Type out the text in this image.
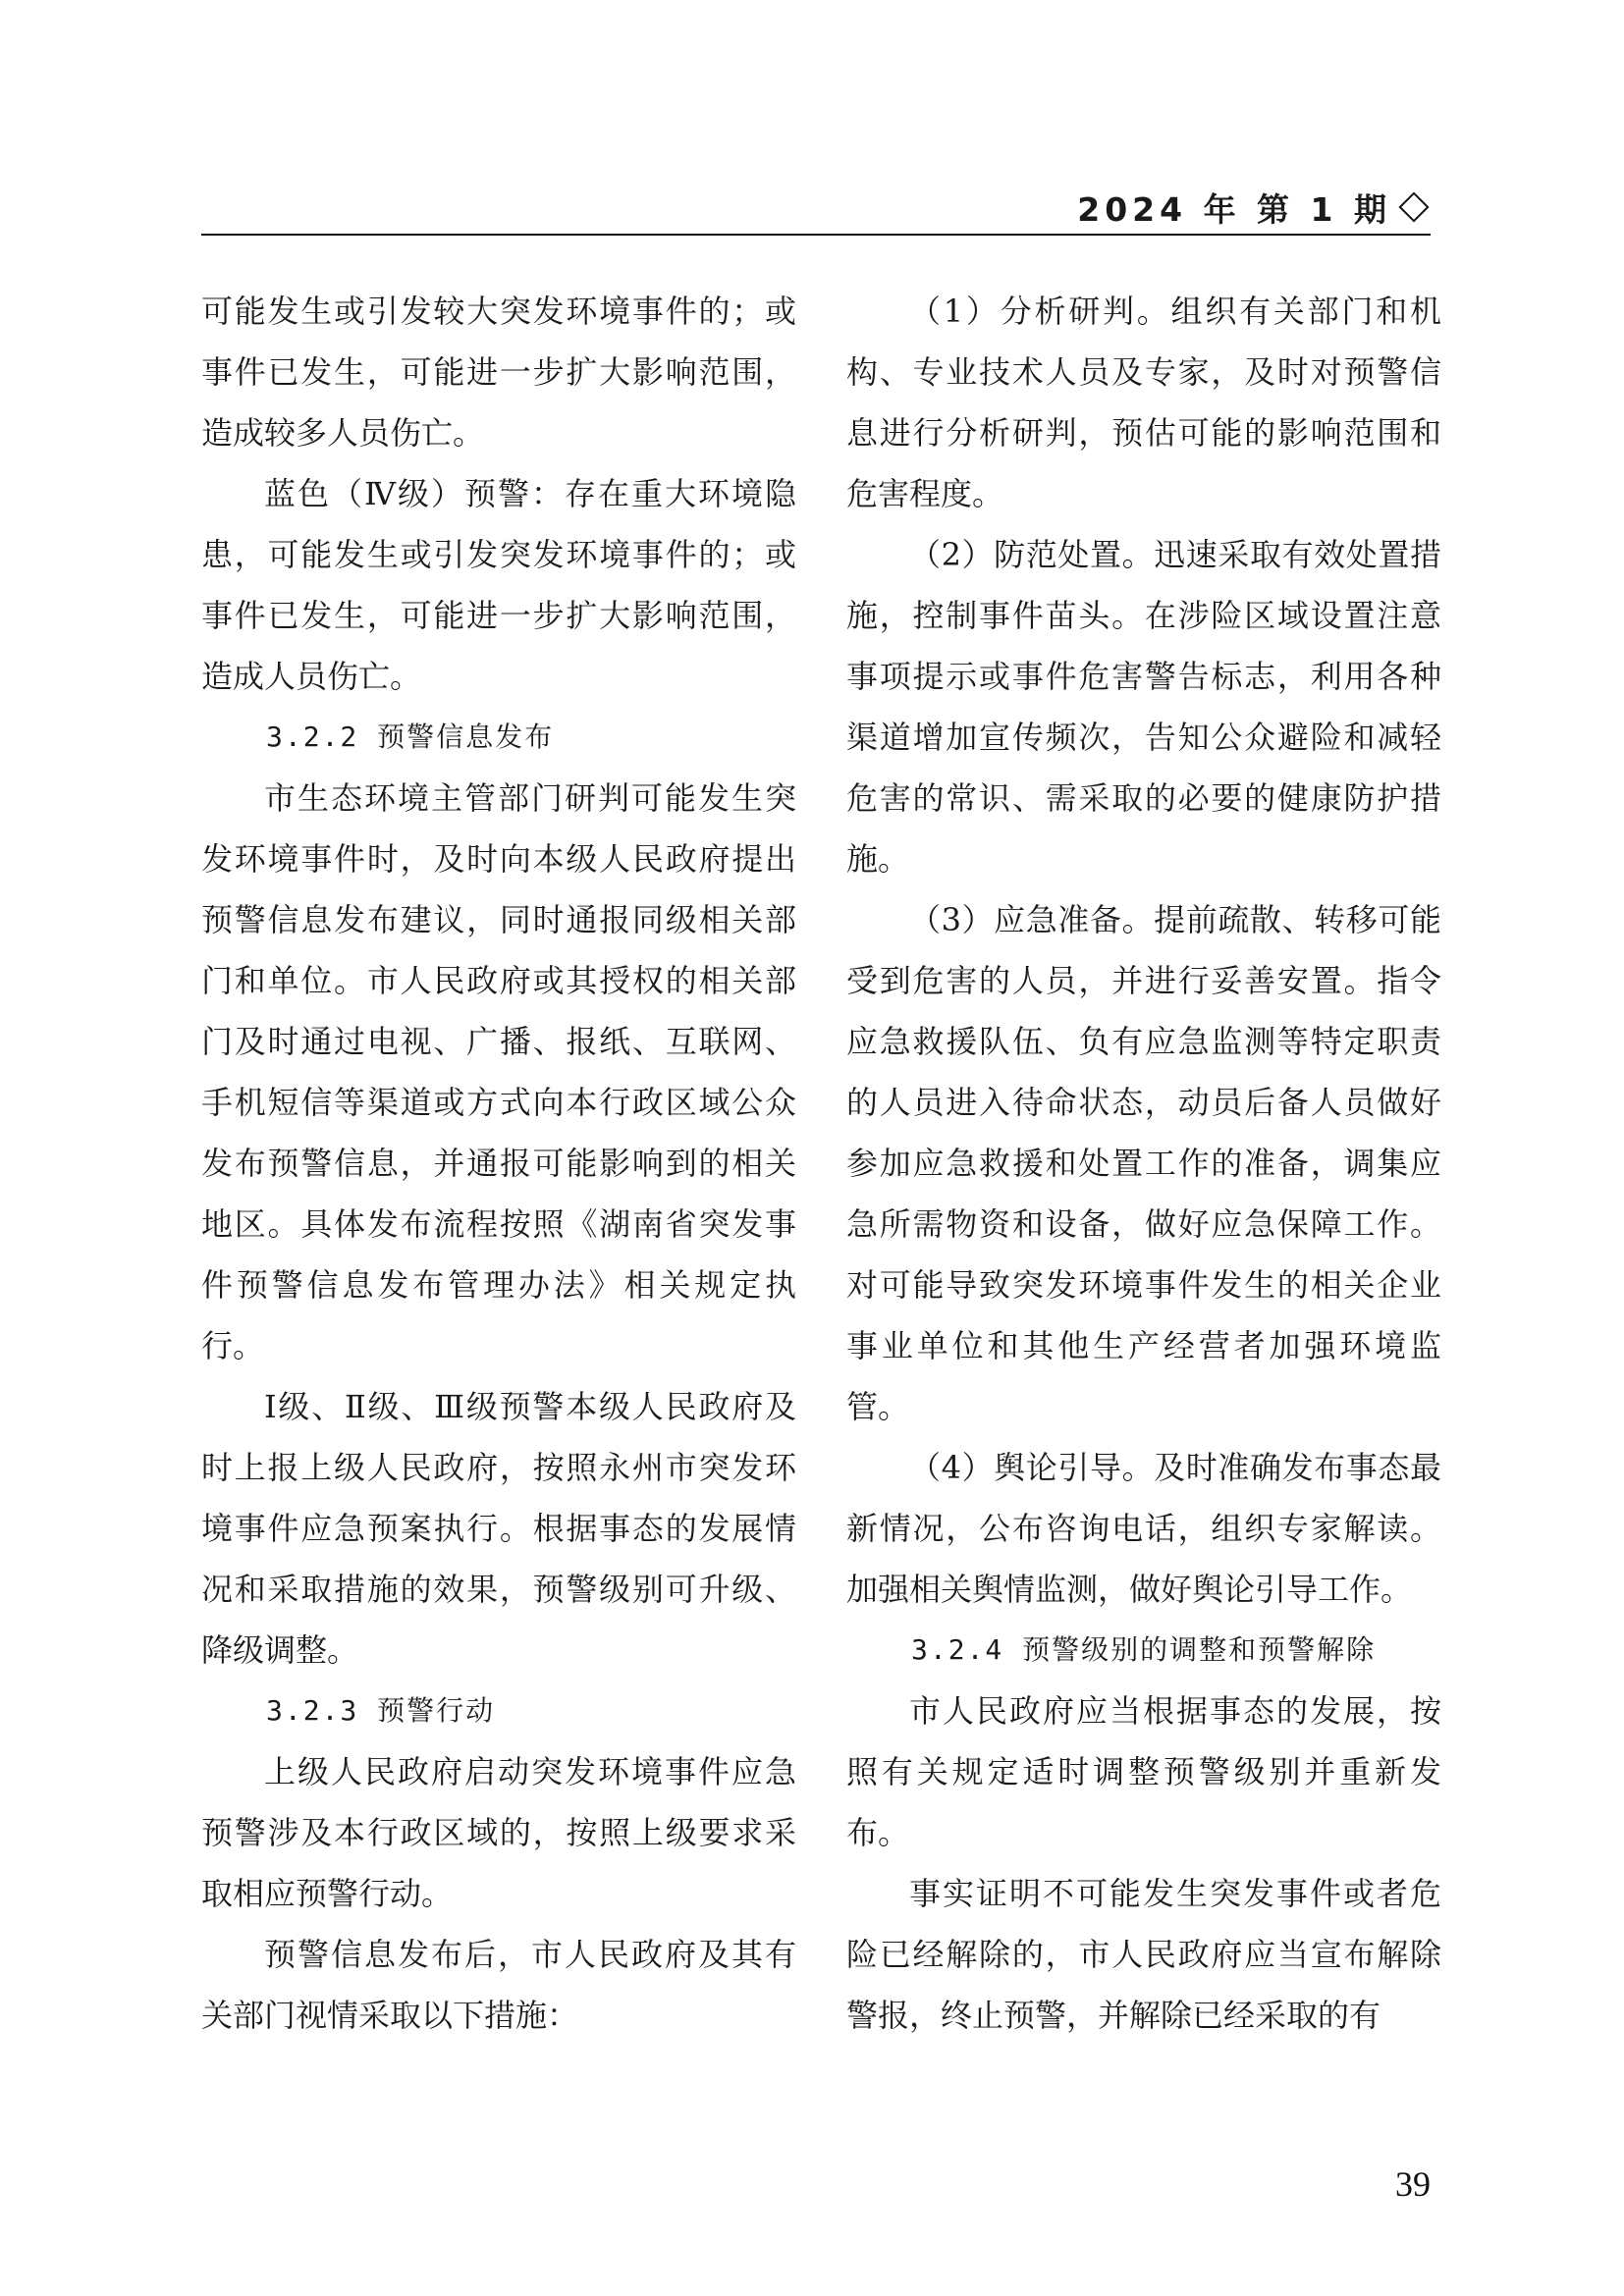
2024 年 第 1 期

可能发生或引发较大突发环境事件的；或事件已发生，可能进一步扩大影响范围，造成较多人员伤亡。

蓝色（Ⅳ级）预警：存在重大环境隐患，可能发生或引发突发环境事件的；或事件已发生，可能进一步扩大影响范围，造成人员伤亡。

3.2.2 预警信息发布

市生态环境主管部门研判可能发生突发环境事件时，及时向本级人民政府提出预警信息发布建议，同时通报同级相关部门和单位。市人民政府或其授权的相关部门及时通过电视、广播、报纸、互联网、手机短信等渠道或方式向本行政区域公众发布预警信息，并通报可能影响到的相关地区。具体发布流程按照《湖南省突发事件预警信息发布管理办法》相关规定执行。

Ⅰ级、Ⅱ级、Ⅲ级预警本级人民政府及时上报上级人民政府，按照永州市突发环境事件应急预案执行。根据事态的发展情况和采取措施的效果，预警级别可升级、降级调整。

3.2.3 预警行动

上级人民政府启动突发环境事件应急预警涉及本行政区域的，按照上级要求采取相应预警行动。

预警信息发布后，市人民政府及其有关部门视情采取以下措施：

（1）分析研判。组织有关部门和机构、专业技术人员及专家，及时对预警信息进行分析研判，预估可能的影响范围和危害程度。

（2）防范处置。迅速采取有效处置措施，控制事件苗头。在涉险区域设置注意事项提示或事件危害警告标志，利用各种渠道增加宣传频次，告知公众避险和减轻危害的常识、需采取的必要的健康防护措施。

（3）应急准备。提前疏散、转移可能受到危害的人员，并进行妥善安置。指令应急救援队伍、负有应急监测等特定职责的人员进入待命状态，动员后备人员做好参加应急救援和处置工作的准备，调集应急所需物资和设备，做好应急保障工作。对可能导致突发环境事件发生的相关企业事业单位和其他生产经营者加强环境监管。

（4）舆论引导。及时准确发布事态最新情况，公布咨询电话，组织专家解读。加强相关舆情监测，做好舆论引导工作。

3.2.4 预警级别的调整和预警解除

市人民政府应当根据事态的发展，按照有关规定适时调整预警级别并重新发布。

事实证明不可能发生突发事件或者危险已经解除的，市人民政府应当宣布解除警报，终止预警，并解除已经采取的有

39
